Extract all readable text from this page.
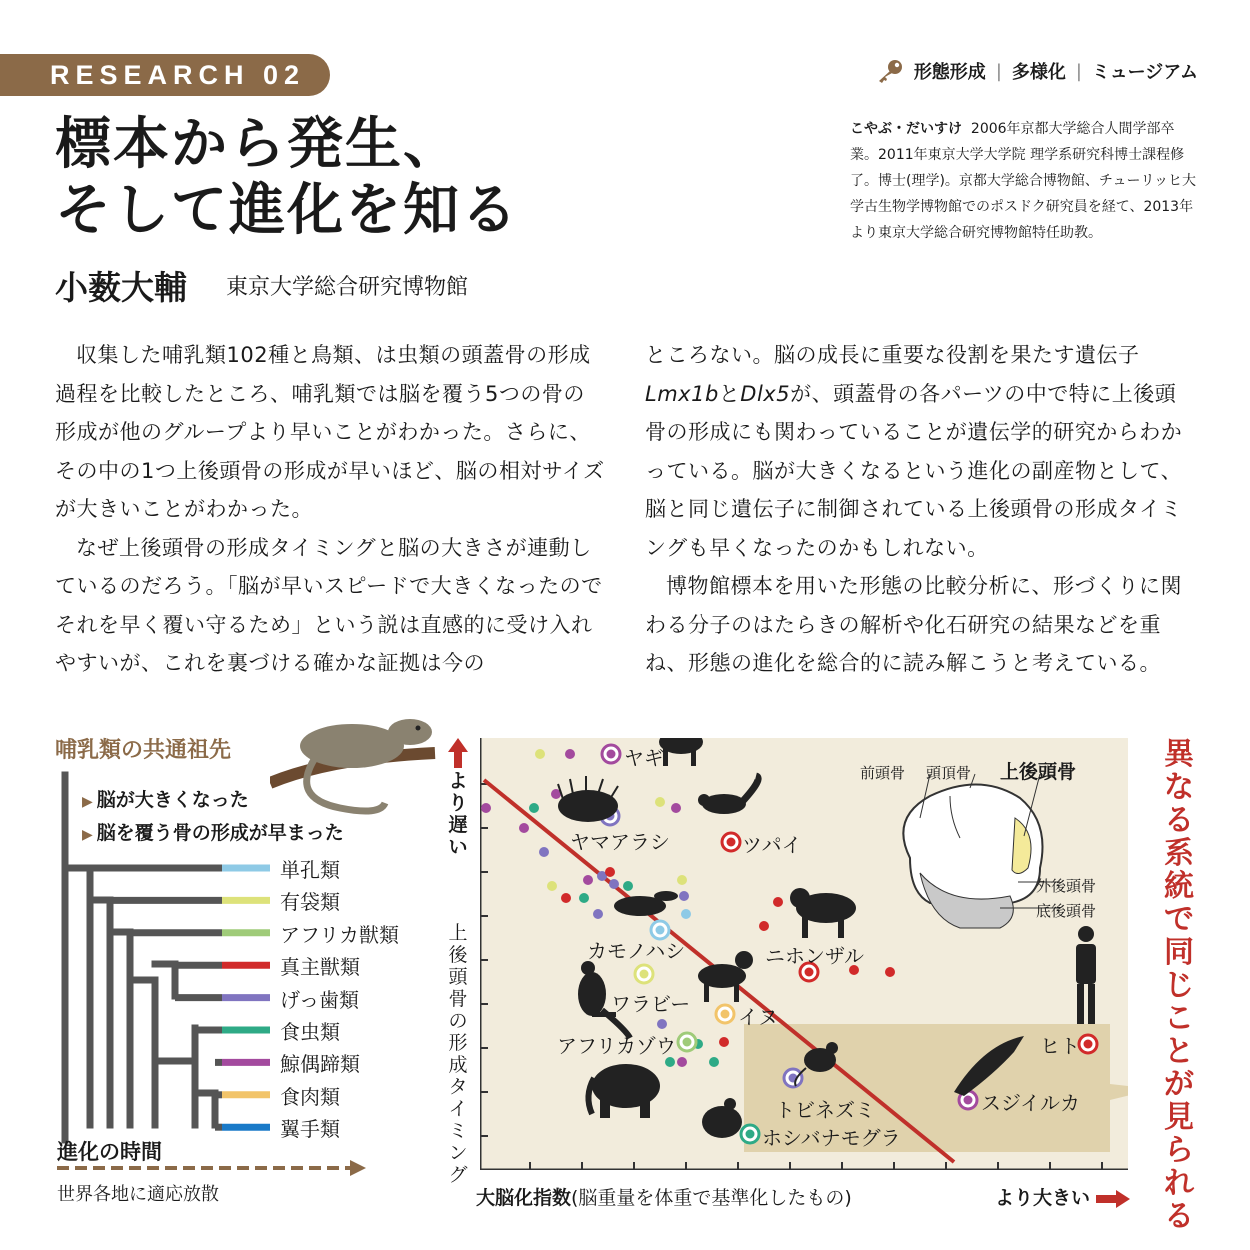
RESEARCH 02	形態形成 | 多様化 | ミュージアム
標本から発生、
そして進化を知る
小薮大輔 東京大学総合研究博物館
こやぶ・だいすけ 2006年京都大学総合人間学部卒業。2011年東京大学大学院 理学系研究科博士課程修了。博士(理学)。京都大学総合博物館、チューリッヒ大学古生物学博物館でのポスドク研究員を経て、2013年より東京大学総合研究博物館特任助教。

収集した哺乳類102種と鳥類、は虫類の頭蓋骨の形成過程を比較したところ、哺乳類では脳を覆う5つの骨の形成が他のグループより早いことがわかった。さらに、その中の1つ上後頭骨の形成が早いほど、脳の相対サイズが大きいことがわかった。

なぜ上後頭骨の形成タイミングと脳の大きさが連動しているのだろう。「脳が早いスピードで大きくなったのでそれを早く覆い守るため」という説は直感的に受け入れやすいが、これを裏づける確かな証拠は今の

ところない。脳の成長に重要な役割を果たす遺伝子Lmx1bとDlx5が、頭蓋骨の各パーツの中で特に上後頭骨の形成にも関わっていることが遺伝学的研究からわかっている。脳が大きくなるという進化の副産物として、脳と同じ遺伝子に制御されている上後頭骨の形成タイミングも早くなったのかもしれない。

博物館標本を用いた形態の比較分析に、形づくりに関わる分子のはたらきの解析や化石研究の結果などを重ね、形態の進化を総合的に読み解こうと考えている。

哺乳類の共通祖先
▶ 脳が大きくなった
▶ 脳を覆う骨の形成が早まった
単孔類
有袋類
アフリカ獣類
真主獣類
げっ歯類
食虫類
鯨偶蹄類
食肉類
翼手類
進化の時間
世界各地に適応放散
より遅い
上後頭骨の形成タイミング
ヤギ
ヤマアラシ	ツパイ
カモノハシ	ニホンザル
ワラビー
イヌ
アフリカゾウ	ヒト
トビネズミ	スジイルカ
ホシバナモグラ
前頭骨 頭頂骨 上後頭骨
外後頭骨
底後頭骨
大脳化指数(脳重量を体重で基準化したもの)	より大きい
異なる系統で同じことが見られる
